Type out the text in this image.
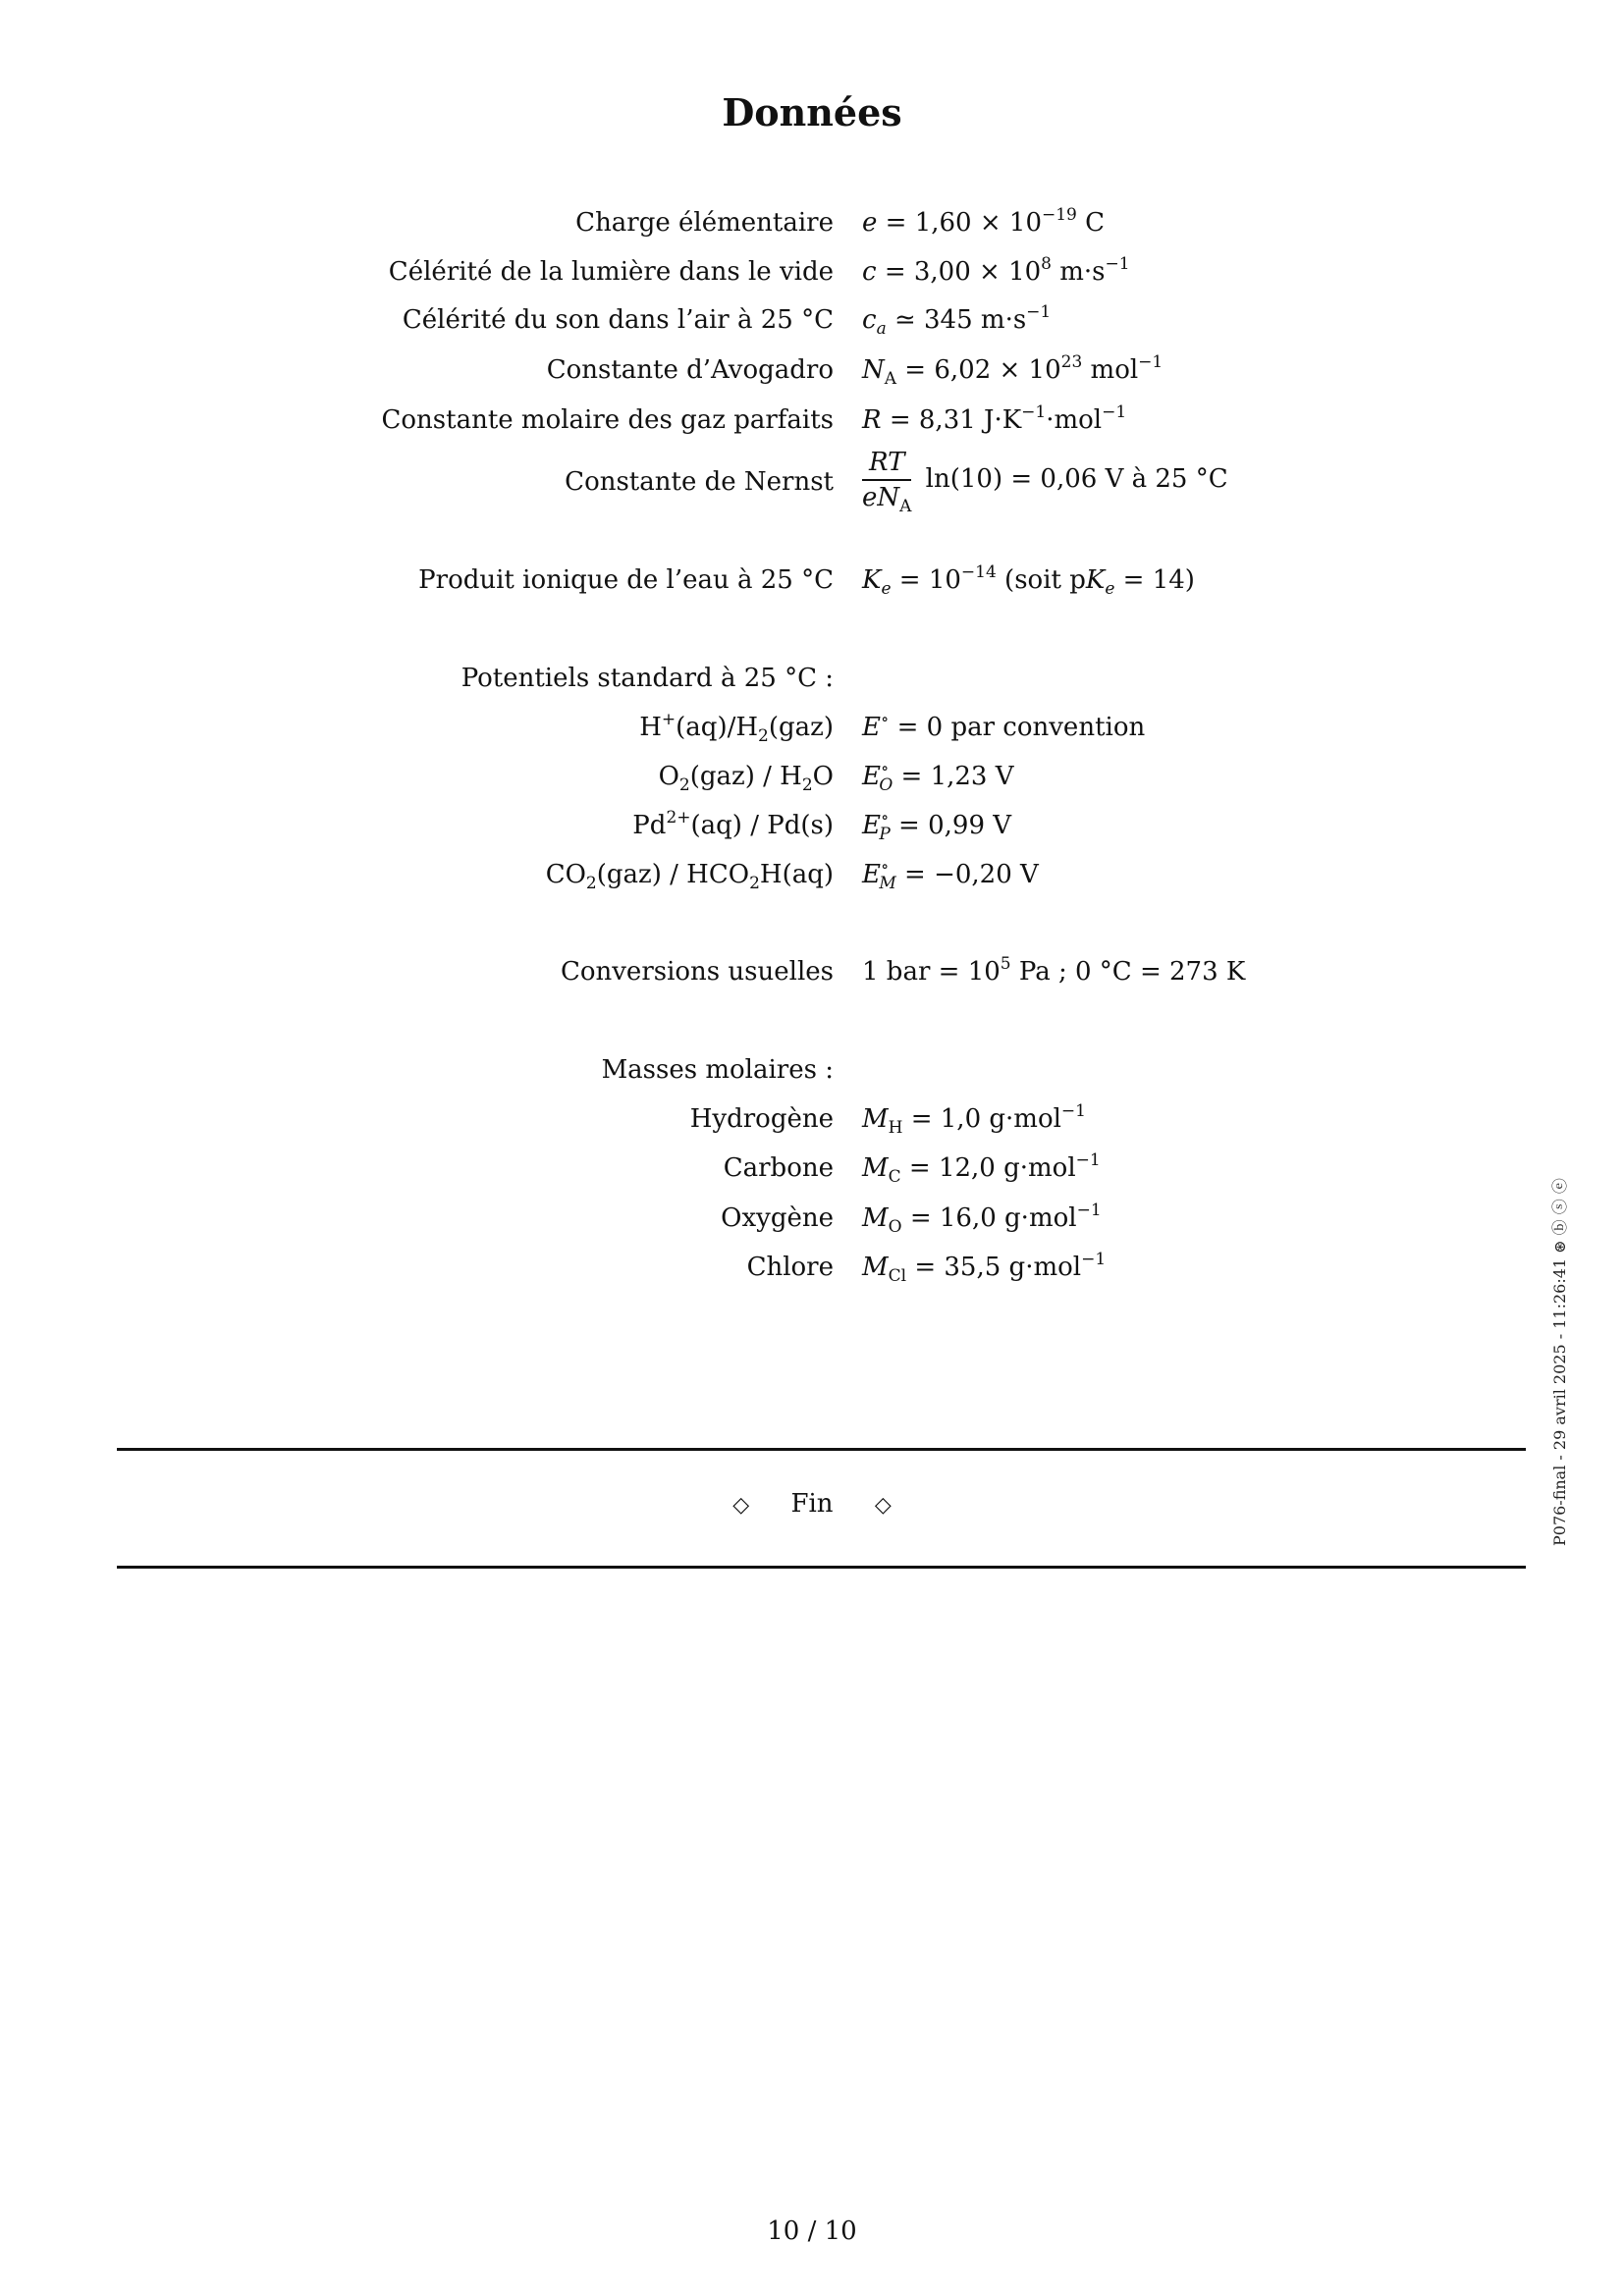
Données
Charge élémentaire $e = 1,60 \times 10^{-19}$ C
Célérité de la lumière dans le vide $c = 3,00 \times 10^8$ $m\cdot s^{-1}$
Célérité du son dans l’air à 25 °C $c_a$ ≃ 345 $m\cdot s^{-1}$
Constante d’Avogadro $N_A = 6,02 \times 10^{23}$ mol$^{-1}$
Constante molaire des gaz parfaits R = 8,31 $J\cdot K^{-1}\cdot mol^{-1}$
Constante de Nernst $\frac{RT}{eN_A} \ln(10) = 0,06$ V à 25 °C
Produit ionique de l’eau à 25 °C $K_e = 10^{-14}$ (soit $pK_e = 14$)
Potentiels standard à 25 °C :
$H^+(aq)/H_2(gaz) E^\circ = 0$ par convention
$O_2(gaz) / H_2O$ $E^\circ_O = 1,23$ V
$Pd^{2+}(aq) / Pd(s) E^\circ_P = 0,99$ V
$CO_2(gaz) / HCO_2H(aq) E^\circ_M = -0,20$ V
Conversions usuelles 1 bar = $10^5$ Pa ; 0 °C = 273 K
Masses molaires :
Hydrogène $M_H = 1,0$ g·mol$^{-1}$
Carbone $M_C = 12,0$ g·mol$^{-1}$
Oxygène $M_O = 16,0$ g·mol$^{-1}$
Chlore $M_{Cl} = 35,5$ g·mol$^{-1}$
◇ Fin ◇
10 / 10
P076-final - 29 avril 2025 - 11:26:41 ⊛ ⓑ ⓢ ⓔ
